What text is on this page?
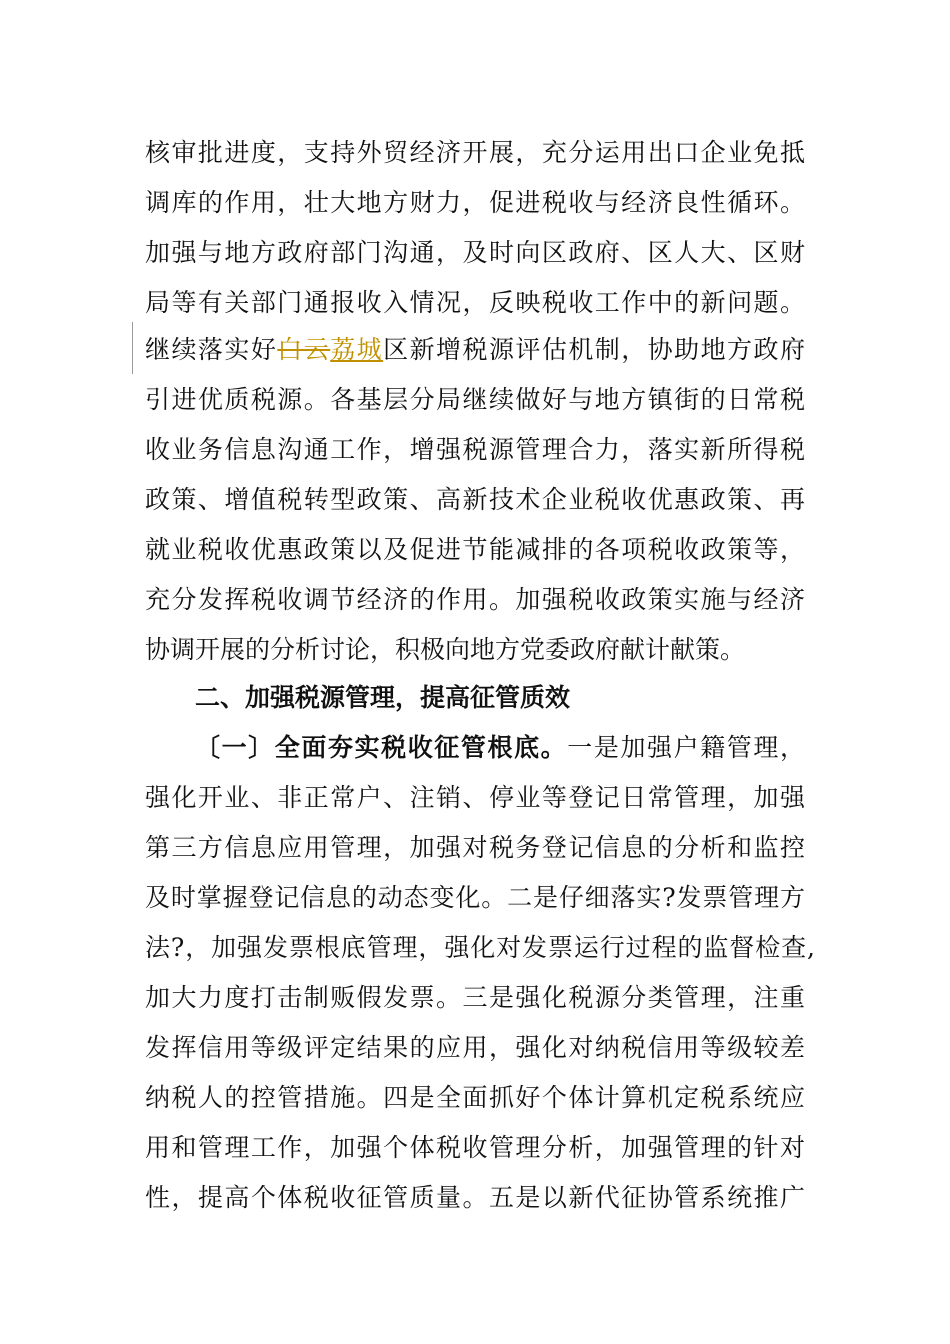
核审批进度，支持外贸经济开展，充分运用出口企业免抵
调库的作用，壮大地方财力，促进税收与经济良性循环。
加强与地方政府部门沟通，及时向区政府、区人大、区财
局等有关部门通报收入情况，反映税收工作中的新问题。
继续落实好白云荔城区新增税源评估机制，协助地方政府
引进优质税源。各基层分局继续做好与地方镇街的日常税
收业务信息沟通工作，增强税源管理合力，落实新所得税
政策、增值税转型政策、高新技术企业税收优惠政策、再
就业税收优惠政策以及促进节能减排的各项税收政策等，
充分发挥税收调节经济的作用。加强税收政策实施与经济
协调开展的分析讨论，积极向地方党委政府献计献策。
二、加强税源管理，提高征管质效
〔一〕全面夯实税收征管根底。一是加强户籍管理，
强化开业、非正常户、注销、停业等登记日常管理，加强
第三方信息应用管理，加强对税务登记信息的分析和监控
及时掌握登记信息的动态变化。二是仔细落实?发票管理方
法?，加强发票根底管理，强化对发票运行过程的监督检查,
加大力度打击制贩假发票。三是强化税源分类管理，注重
发挥信用等级评定结果的应用，强化对纳税信用等级较差
纳税人的控管措施。四是全面抓好个体计算机定税系统应
用和管理工作，加强个体税收管理分析，加强管理的针对
性，提高个体税收征管质量。五是以新代征协管系统推广
